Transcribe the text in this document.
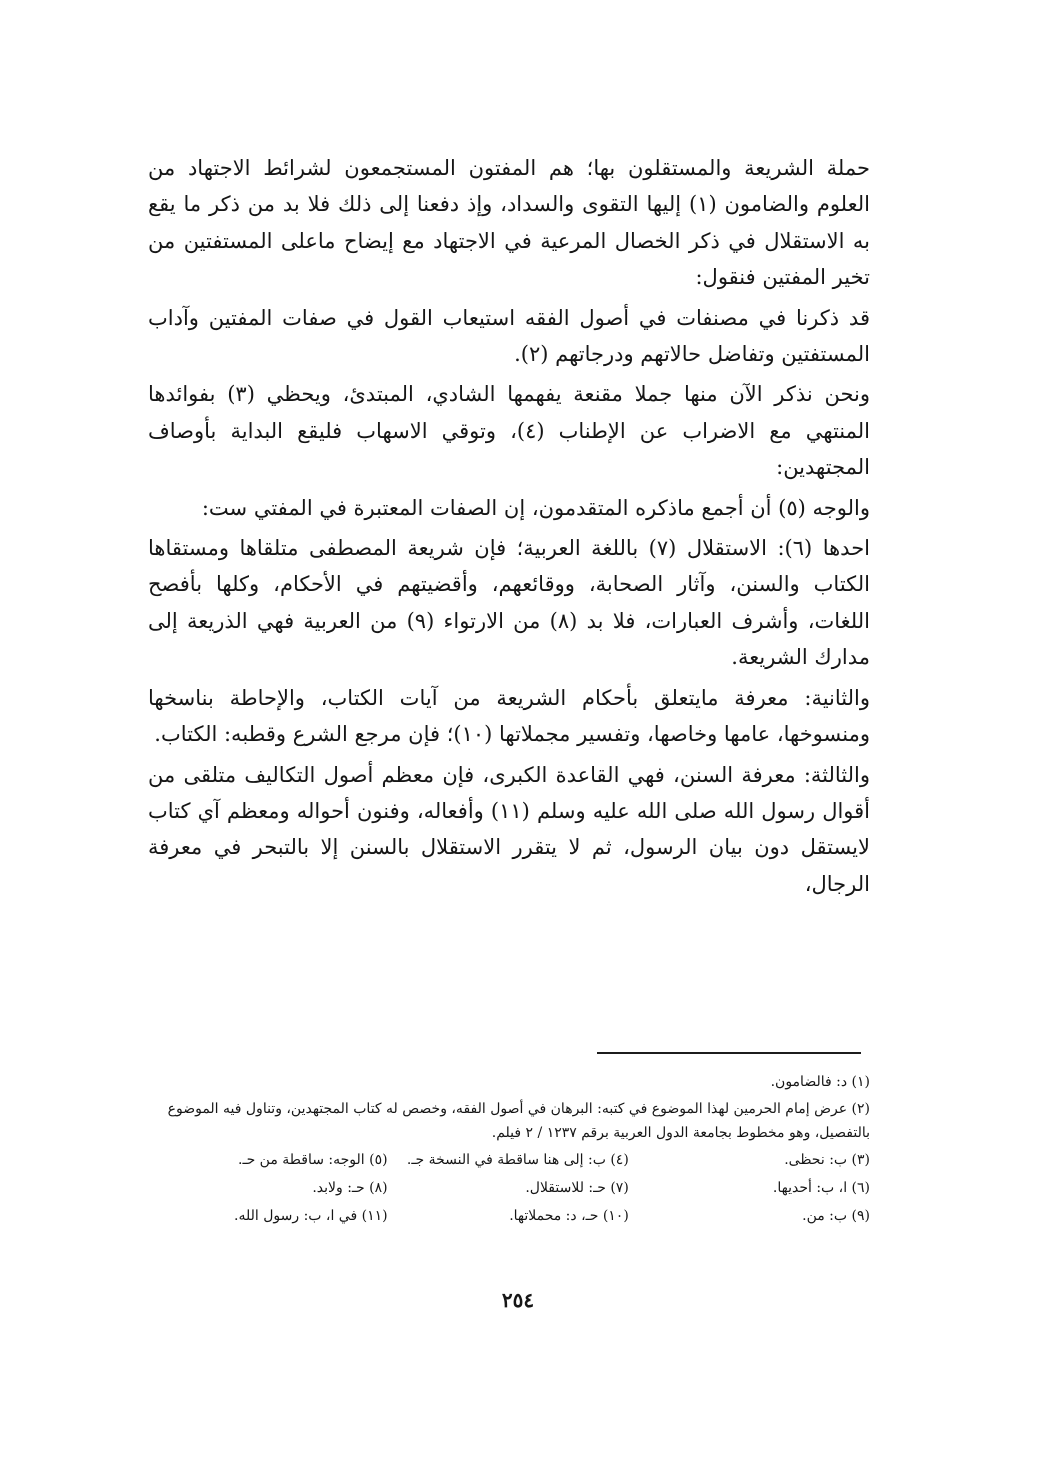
حملة الشريعة والمستقلون بها؛ هم المفتون المستجمعون لشرائط الاجتهاد من العلوم والضامون (١) إليها التقوى والسداد، وإذ دفعنا إلى ذلك فلا بد من ذكر ما يقع به الاستقلال في ذكر الخصال المرعية في الاجتهاد مع إيضاح ماعلى المستفتين من تخير المفتين فنقول:

قد ذكرنا في مصنفات في أصول الفقه استيعاب القول في صفات المفتين وآداب المستفتين وتفاضل حالاتهم ودرجاتهم (٢).

ونحن نذكر الآن منها جملا مقنعة يفهمها الشادي، المبتدئ، ويحظي (٣) بفوائدها المنتهي مع الاضراب عن الإطناب (٤)، وتوقي الاسهاب فليقع البداية بأوصاف المجتهدين:

والوجه (٥) أن أجمع ماذكره المتقدمون، إن الصفات المعتبرة في المفتي ست:

احدها (٦): الاستقلال (٧) باللغة العربية؛ فإن شريعة المصطفى متلقاها ومستقاها الكتاب والسنن، وآثار الصحابة، ووقائعهم، وأقضيتهم في الأحكام، وكلها بأفصح اللغات، وأشرف العبارات، فلا بد (٨) من الارتواء (٩) من العربية فهي الذريعة إلى مدارك الشريعة.

والثانية: معرفة مايتعلق بأحكام الشريعة من آيات الكتاب، والإحاطة بناسخها ومنسوخها، عامها وخاصها، وتفسير مجملاتها (١٠)؛ فإن مرجع الشرع وقطبه: الكتاب.

والثالثة: معرفة السنن، فهي القاعدة الكبرى، فإن معظم أصول التكاليف متلقى من أقوال رسول الله صلى الله عليه وسلم (١١) وأفعاله، وفنون أحواله ومعظم آي كتاب لايستقل دون بيان الرسول، ثم لا يتقرر الاستقلال بالسنن إلا بالتبحر في معرفة الرجال،

(١) د: فالضامون.
(٢) عرض إمام الحرمين لهذا الموضوع في كتبه: البرهان في أصول الفقه، وخصص له كتاب المجتهدين، وتناول فيه الموضوع بالتفصيل، وهو مخطوط بجامعة الدول العربية برقم ١٢٣٧ / ٢ فيلم.
(٣) ب: نحظى.
(٤) ب: إلى هنا ساقطة في النسخة جـ.
(٥) الوجه: ساقطة من حـ.
(٦) ا، ب: أحديها.
(٧) حـ: للاستقلال.
(٨) حـ: ولابد.
(٩) ب: من.
(١٠) حـ، د: محملاتها.
(١١) في ا، ب: رسول الله.
٢٥٤
